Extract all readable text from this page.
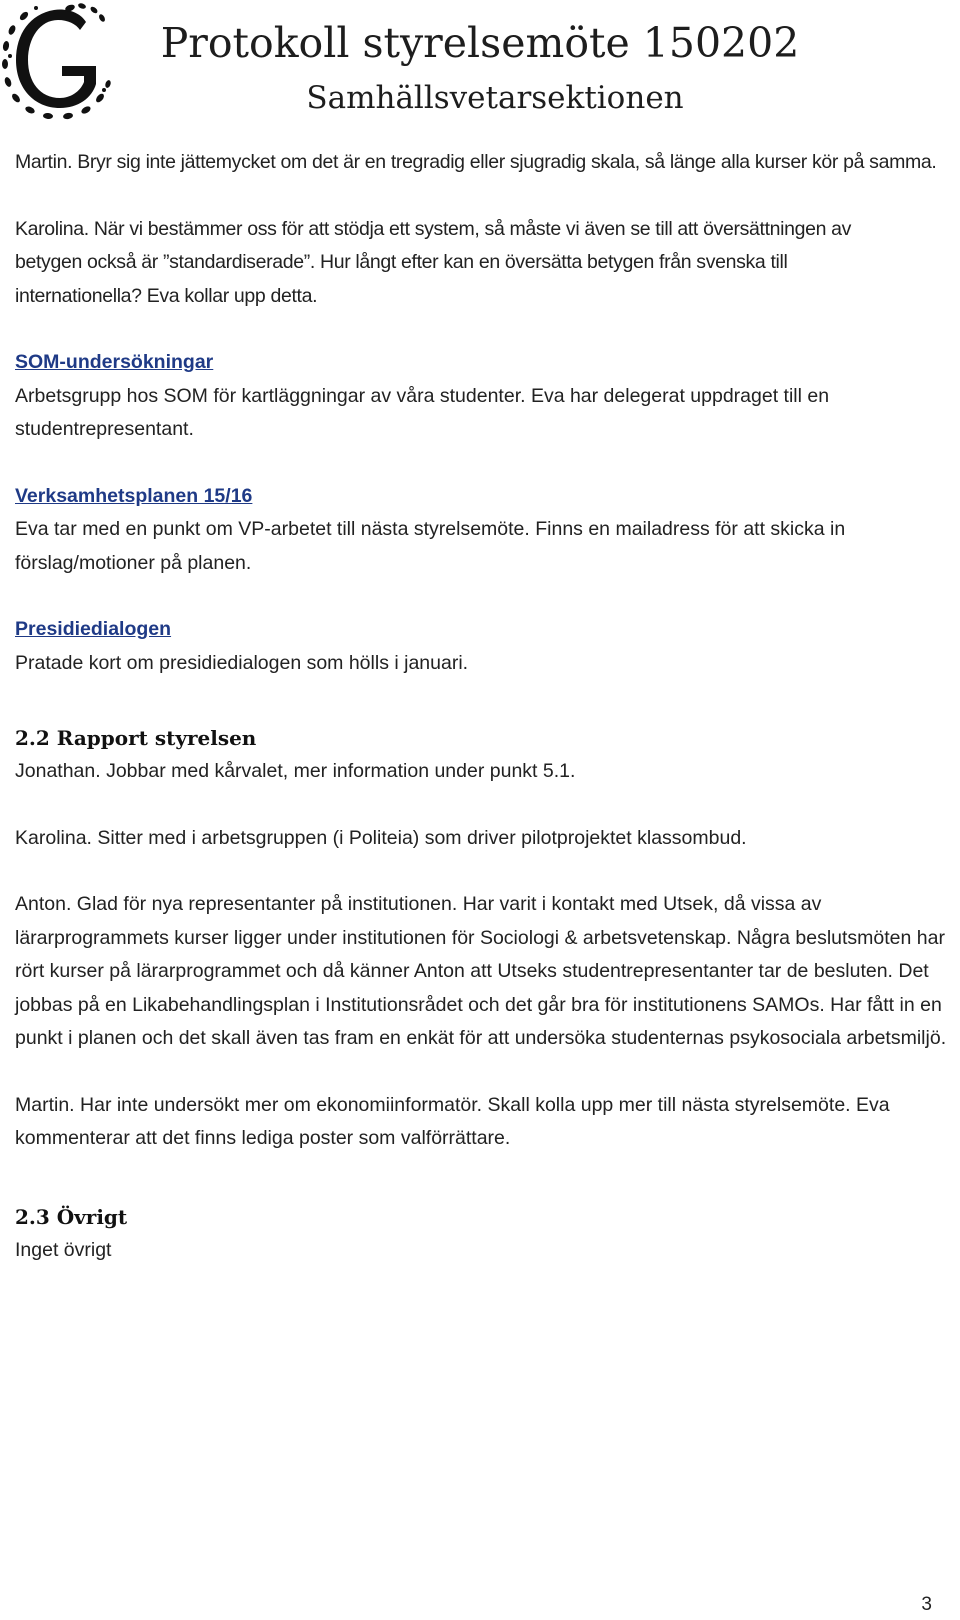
Protokoll styrelsemöte 150202
Samhällsvetarsektionen

Martin. Bryr sig inte jättemycket om det är en tregradig eller sjugradig skala, så länge alla kurser kör på samma.

Karolina. När vi bestämmer oss för att stödja ett system, så måste vi även se till att översättningen av

betygen också är ”standardiserade”. Hur långt efter kan en översätta betygen från svenska till

internationella? Eva kollar upp detta.

SOM-undersökningar

Arbetsgrupp hos SOM för kartläggningar av våra studenter. Eva har delegerat uppdraget till en studentrepresentant.

Verksamhetsplanen 15/16

Eva tar med en punkt om VP-arbetet till nästa styrelsemöte. Finns en mailadress för att skicka in förslag/motioner på planen.

Presidiedialogen

Pratade kort om presidiedialogen som hölls i januari.

2.2 Rapport styrelsen

Jonathan. Jobbar med kårvalet, mer information under punkt 5.1.

Karolina. Sitter med i arbetsgruppen (i Politeia) som driver pilotprojektet klassombud.

Anton. Glad för nya representanter på institutionen. Har varit i kontakt med Utsek, då vissa av lärarprogrammets kurser ligger under institutionen för Sociologi & arbetsvetenskap. Några beslutsmöten har rört kurser på lärarprogrammet och då känner Anton att Utseks studentrepresentanter tar de besluten. Det jobbas på en Likabehandlingsplan i Institutionsrådet och det går bra för institutionens SAMOs. Har fått in en punkt i planen och det skall även tas fram en enkät för att undersöka studenternas psykosociala arbetsmiljö.

Martin. Har inte undersökt mer om ekonomiinformatör. Skall kolla upp mer till nästa styrelsemöte. Eva kommenterar att det finns lediga poster som valförrättare.

2.3 Övrigt

Inget övrigt

3
